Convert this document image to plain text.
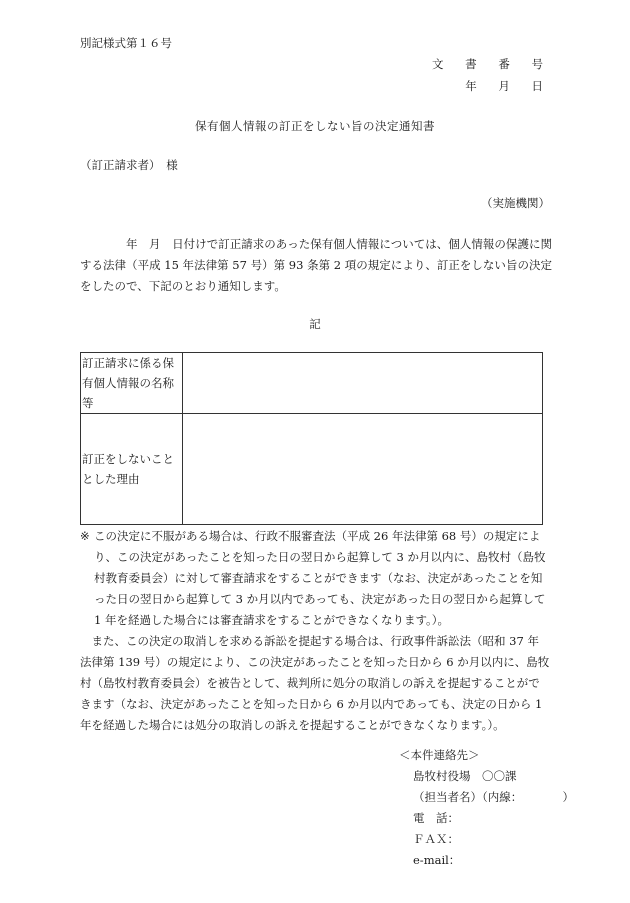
別記様式第１６号
文 書 番 号
年 月 日
保有個人情報の訂正をしない旨の決定通知書
（訂正請求者）　様
（実施機関）

年　月　日付けで訂正請求のあった保有個人情報については、個人情報の保護に関する法律（平成 15 年法律第 57 号）第 93 条第 2 項の規定により、訂正をしない旨の決定をしたので、下記のとおり通知します。

記
訂正請求に係る保有個人情報の名称等	
訂正をしないこととした理由	
※ この決定に不服がある場合は、行政不服審査法（平成 26 年法律第 68 号）の規定により、この決定があったことを知った日の翌日から起算して 3 か月以内に、島牧村（島牧村教育委員会）に対して審査請求をすることができます（なお、決定があったことを知った日の翌日から起算して 3 か月以内であっても、決定があった日の翌日から起算して 1 年を経過した場合には審査請求をすることができなくなります。）。

また、この決定の取消しを求める訴訟を提起する場合は、行政事件訴訟法（昭和 37 年法律第 139 号）の規定により、この決定があったことを知った日から 6 か月以内に、島牧村（島牧村教育委員会）を被告として、裁判所に処分の取消しの訴えを提起することができます（なお、決定があったことを知った日から 6 か月以内であっても、決定の日から 1 年を経過した場合には処分の取消しの訴えを提起することができなくなります。）。

＜本件連絡先＞
島牧村役場　〇〇課
（担当者名）（内線：　　　　）
電　話：
ＦＡＸ：
e-mail：
